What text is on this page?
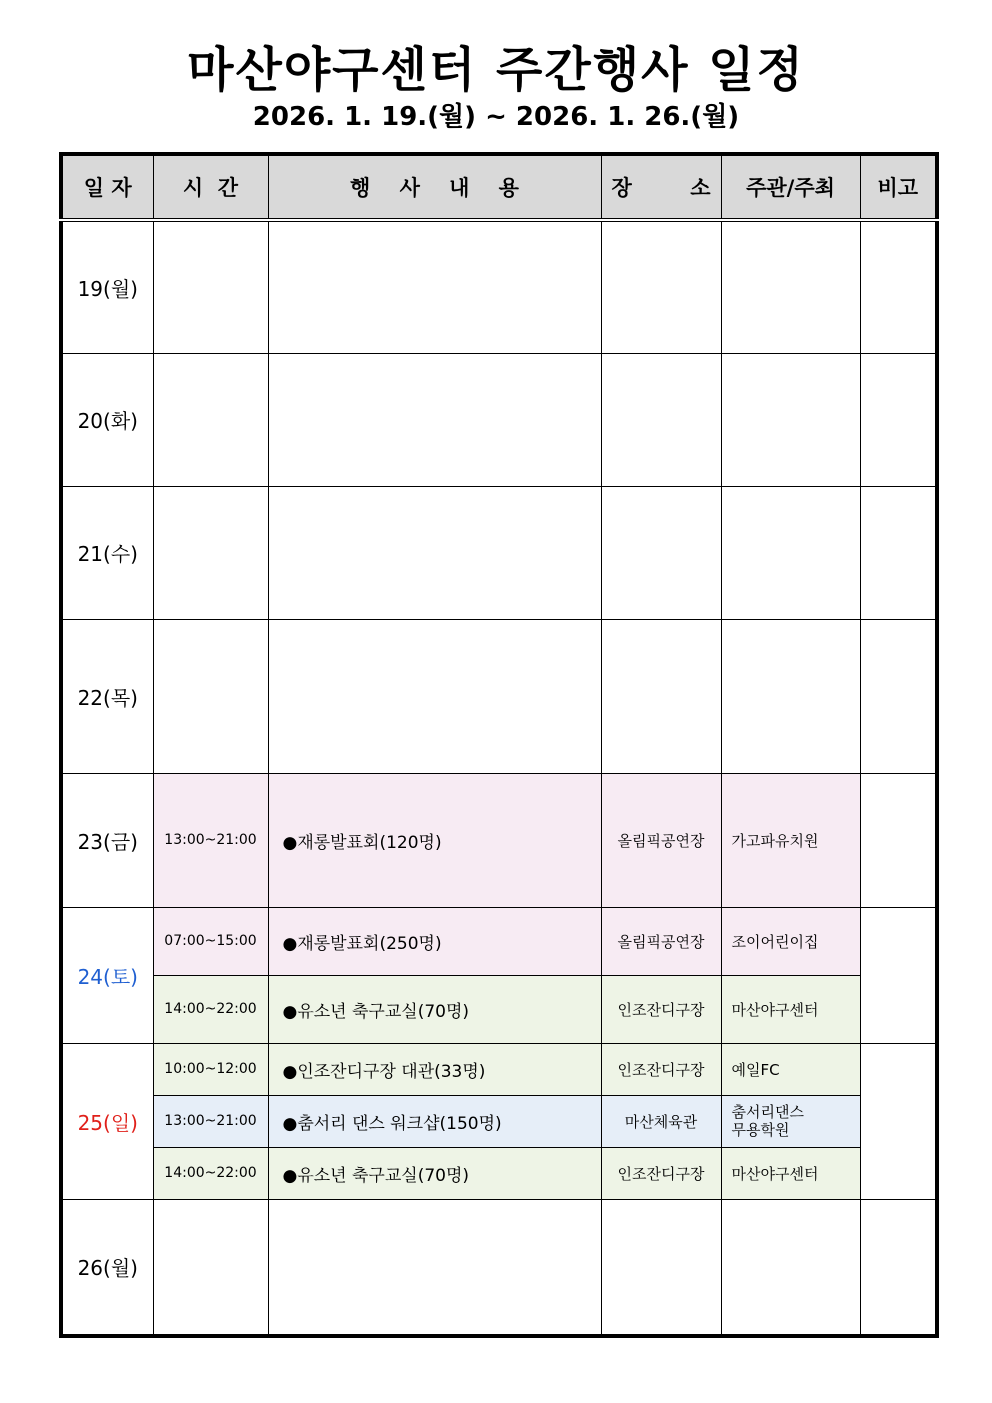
마산야구센터 주간행사 일정
2026. 1. 19.(월) ~ 2026. 1. 26.(월)
일 자	시  간	행    사    내    용	장        소	주관/주최	비고
19(월)					
20(화)					
21(수)					
22(목)					
23(금)	13:00~21:00	●재롱발표회(120명)	올림픽공연장	가고파유치원	
24(토)	07:00~15:00	●재롱발표회(250명)	올림픽공연장	조이어린이집	
	14:00~22:00	●유소년 축구교실(70명)	인조잔디구장	마산야구센터	
25(일)	10:00~12:00	●인조잔디구장 대관(33명)	인조잔디구장	예일FC	
	13:00~21:00	●춤서리 댄스 워크샵(150명)	마산체육관	춤서리댄스
무용학원	

	14:00~22:00	●유소년 축구교실(70명)	인조잔디구장	마산야구센터	
26(월)					
